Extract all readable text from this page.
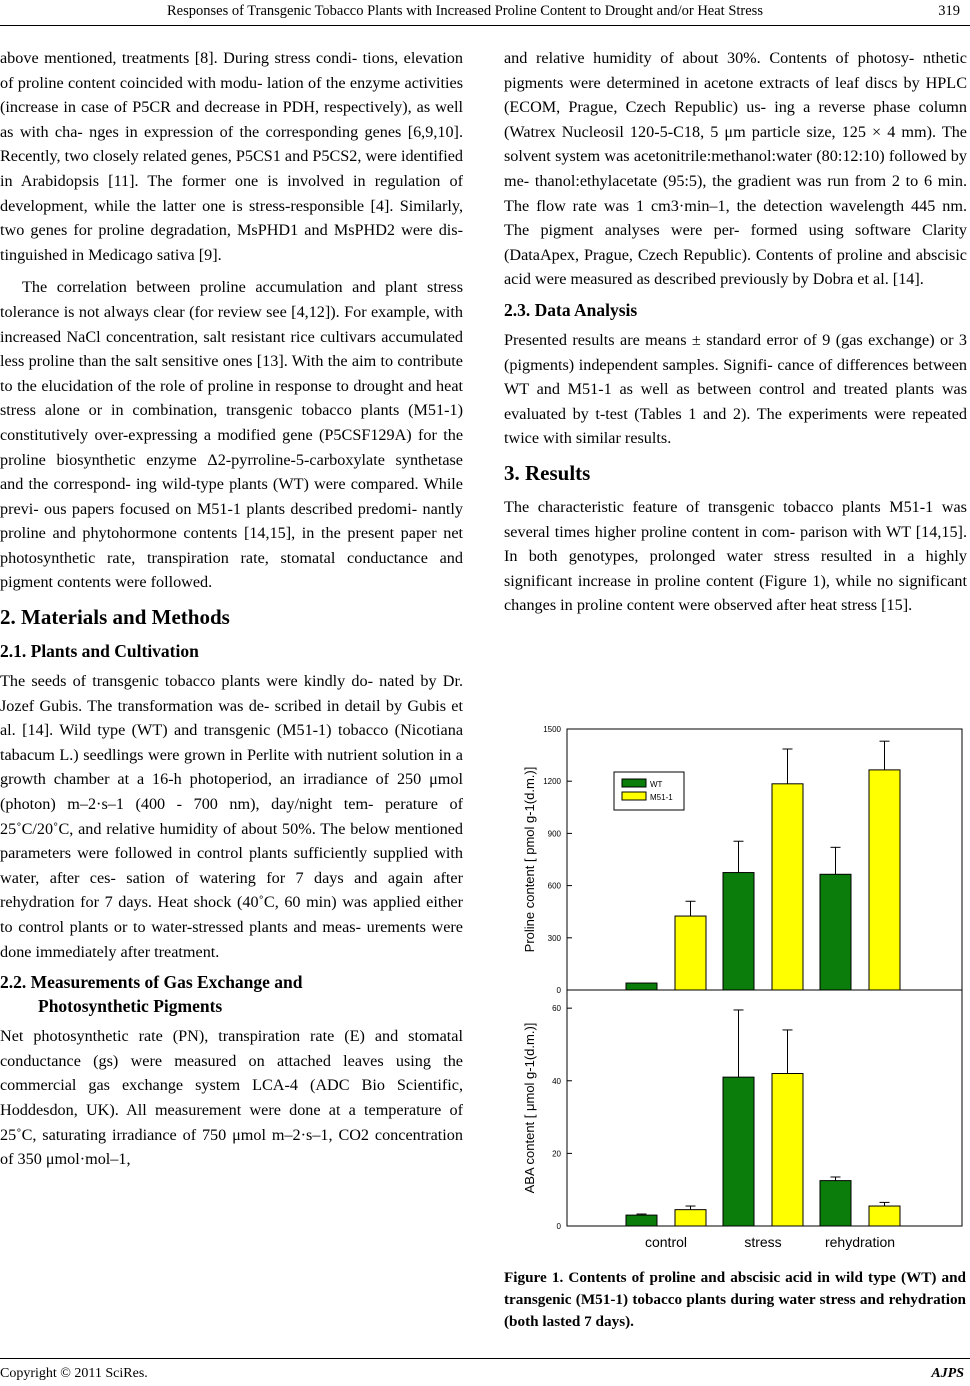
Responses of Transgenic Tobacco Plants with Increased Proline Content to Drought and/or Heat Stress	319

above mentioned, treatments [8]. During stress condi- tions, elevation of proline content coincided with modu- lation of the enzyme activities (increase in case of P5CR and decrease in PDH, respectively), as well as with cha- nges in expression of the corresponding genes [6,9,10]. Recently, two closely related genes, P5CS1 and P5CS2, were identified in Arabidopsis [11]. The former one is involved in regulation of development, while the latter one is stress-responsible [4]. Similarly, two genes for proline degradation, MsPHD1 and MsPHD2 were dis- tinguished in Medicago sativa [9].

The correlation between proline accumulation and plant stress tolerance is not always clear (for review see [4,12]). For example, with increased NaCl concentration, salt resistant rice cultivars accumulated less proline than the salt sensitive ones [13]. With the aim to contribute to the elucidation of the role of proline in response to drought and heat stress alone or in combination, transgenic tobacco plants (M51-1) constitutively over-expressing a modified gene (P5CSF129A) for the proline biosynthetic enzyme Δ2-pyrroline-5-carboxylate synthetase and the correspond- ing wild-type plants (WT) were compared. While previ- ous papers focused on M51-1 plants described predomi- nantly proline and phytohormone contents [14,15], in the present paper net photosynthetic rate, transpiration rate, stomatal conductance and pigment contents were followed.

2. Materials and Methods
2.1. Plants and Cultivation

The seeds of transgenic tobacco plants were kindly do- nated by Dr. Jozef Gubis. The transformation was de- scribed in detail by Gubis et al. [14]. Wild type (WT) and transgenic (M51-1) tobacco (Nicotiana tabacum L.) seedlings were grown in Perlite with nutrient solution in a growth chamber at a 16-h photoperiod, an irradiance of 250 μmol (photon) m–2·s–1 (400 - 700 nm), day/night tem- perature of 25˚C/20˚C, and relative humidity of about 50%. The below mentioned parameters were followed in control plants sufficiently supplied with water, after ces- sation of watering for 7 days and again after rehydration for 7 days. Heat shock (40˚C, 60 min) was applied either to control plants or to water-stressed plants and meas- urements were done immediately after treatment.

2.2. Measurements of Gas Exchange and
Photosynthetic Pigments

Net photosynthetic rate (PN), transpiration rate (E) and stomatal conductance (gs) were measured on attached leaves using the commercial gas exchange system LCA-4 (ADC Bio Scientific, Hoddesdon, UK). All measurement were done at a temperature of 25˚C, saturating irradiance of 750 μmol m–2·s–1, CO2 concentration of 350 μmol·mol–1,

and relative humidity of about 30%. Contents of photosy- nthetic pigments were determined in acetone extracts of leaf discs by HPLC (ECOM, Prague, Czech Republic) us- ing a reverse phase column (Watrex Nucleosil 120-5-C18, 5 μm particle size, 125 × 4 mm). The solvent system was acetonitrile:methanol:water (80:12:10) followed by me- thanol:ethylacetate (95:5), the gradient was run from 2 to 6 min. The flow rate was 1 cm3·min–1, the detection wavelength 445 nm. The pigment analyses were per- formed using software Clarity (DataApex, Prague, Czech Republic). Contents of proline and abscisic acid were measured as described previously by Dobra et al. [14].

2.3. Data Analysis

Presented results are means ± standard error of 9 (gas exchange) or 3 (pigments) independent samples. Signifi- cance of differences between WT and M51-1 as well as between control and treated plants was evaluated by t-test (Tables 1 and 2). The experiments were repeated twice with similar results.

3. Results

The characteristic feature of transgenic tobacco plants M51-1 was several times higher proline content in com- parison with WT [14,15]. In both genotypes, prolonged water stress resulted in a highly significant increase in proline content (Figure 1), while no significant changes in proline content were observed after heat stress [15].

0
300
600
900
1200
1500
Proline content [ pmol g-1(d.m.)]	WT
M51-1
0
20
40
60
ABA content [ μmol g-1(d.m.)]
control	stress	rehydration
Figure 1. Contents of proline and abscisic acid in wild type (WT) and transgenic (M51-1) tobacco plants during water stress and rehydration (both lasted 7 days).
Copyright © 2011 SciRes.	AJPS
